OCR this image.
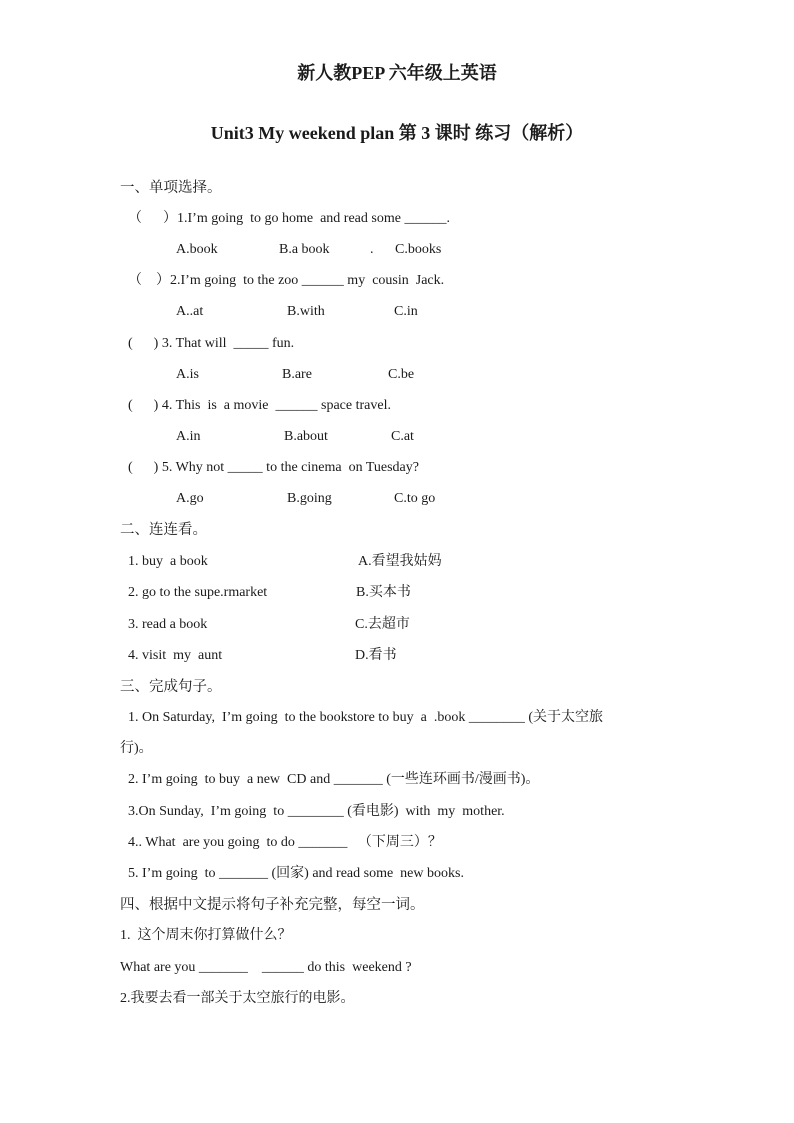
新人教PEP 六年级上英语
Unit3 My weekend plan 第 3 课时 练习（解析）
一、单项选择。
（      ）1.I’m going  to go home  and read some ______.
A.book	B.a book	. C.books
（    ）2.I’m going  to the zoo ______ my  cousin  Jack.
A..at	B.with	C.in
(      ) 3. That will  _____ fun.
A.is	B.are	C.be
(      ) 4. This  is  a movie  ______ space travel.
A.in	B.about	C.at
(      ) 5. Why not _____ to the cinema  on Tuesday?
A.go	B.going	C.to go
二、连连看。
1. buy  a book	A.看望我姑妈
2. go to the supe.rmarket	B.买本书
3. read a book	C.去超市
4. visit  my  aunt	D.看书
三、完成句子。
1. On Saturday,  I’m going  to the bookstore to buy  a  .book ________ (关于太空旅
行)。
2. I’m going  to buy  a new  CD and _______ (一些连环画书/漫画书)。
3.On Sunday,  I’m going  to ________ (看电影)  with  my  mother.
4.. What  are you going  to do _______   （下周三）？
5. I’m going  to _______ (回家) and read some  new books.
四、根据中文提示将句子补充完整，每空一词。
1.  这个周末你打算做什么？
What are you _______    ______ do this  weekend ?
2.我要去看一部关于太空旅行的电影。
